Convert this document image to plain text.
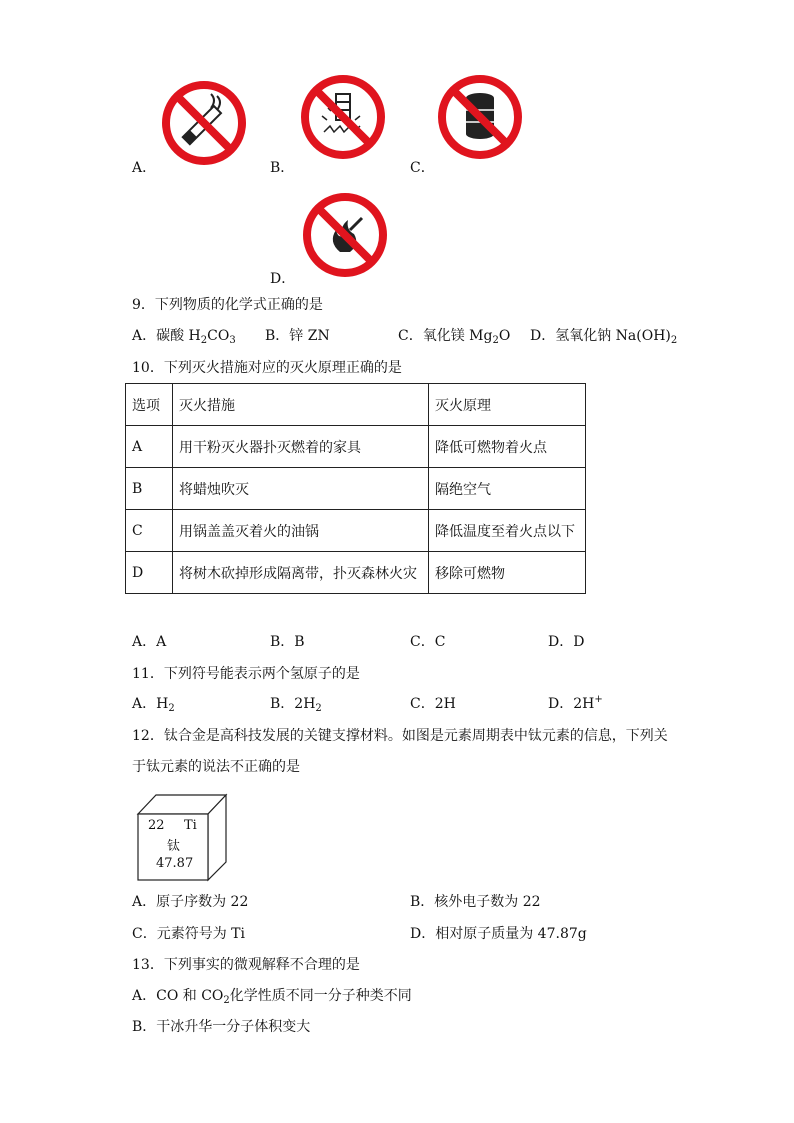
A．	B．	C．
D．
9．下列物质的化学式正确的是
A．碳酸 $H_2CO_3$ B．锌 ZN	C．氧化镁 $Mg_2O$ D．氢氧化钠 $Na(OH)_2$
10．下列灭火措施对应的灭火原理正确的是
选项	灭火措施	灭火原理
A	用干粉灭火器扑灭燃着的家具	降低可燃物着火点
B	将蜡烛吹灭	隔绝空气
C	用锅盖盖灭着火的油锅	降低温度至着火点以下
D	将树木砍掉形成隔离带，扑灭森林火灾	移除可燃物
A．A	B．B	C．C	D．D
11．下列符号能表示两个氢原子的是
A．$H_2$	B．$2H_2$	C．2H	D．2H+
12．钛合金是高科技发展的关键支撑材料。如图是元素周期表中钛元素的信息，下列关
于钛元素的说法不正确的是
22 Ti
钛
47.87
A．原子序数为 22	B．核外电子数为 22
C．元素符号为 Ti	D．相对原子质量为 47.87g
13．下列事实的微观解释不合理的是
A．CO 和 $CO_2$化学性质不同一分子种类不同
B．干冰升华一分子体积变大
